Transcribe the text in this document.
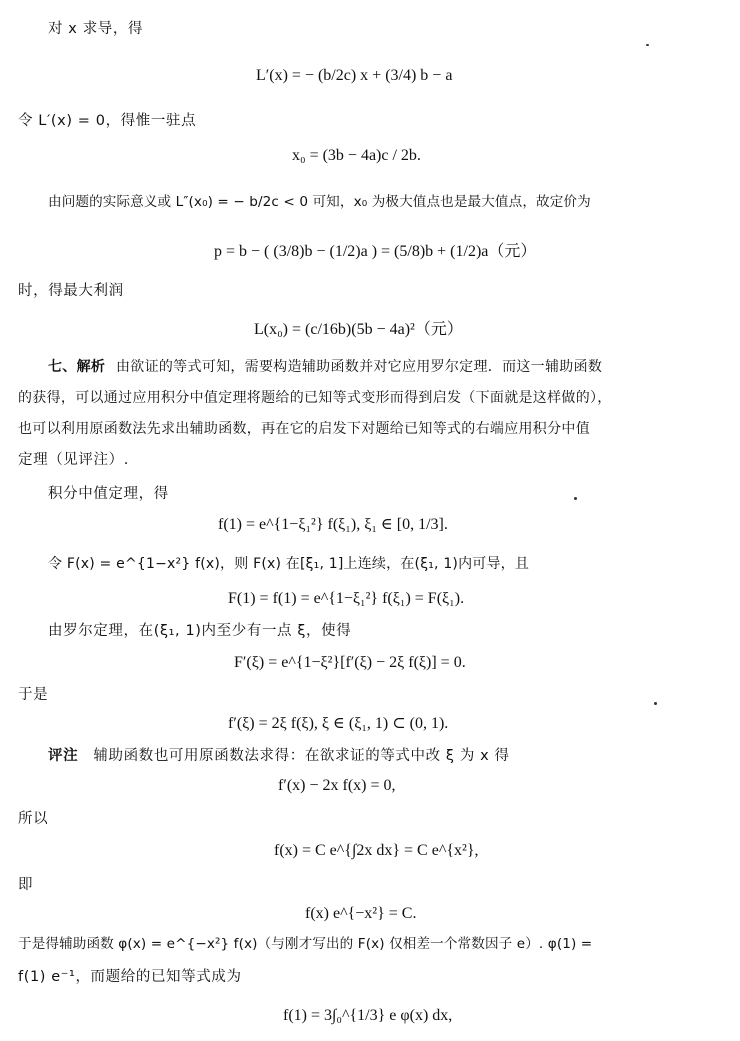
对 x 求导，得
L′(x) = − (b/2c) x + (3/4) b − a
令 L′(x) = 0，得惟一驻点
x₀ = (3b − 4a)c / 2b.
由问题的实际意义或 L″(x₀) = − b/2c < 0 可知，x₀ 为极大值点也是最大值点，故定价为
p = b − ( (3/8)b − (1/2)a ) = (5/8)b + (1/2)a（元）
时，得最大利润
L(x₀) = (c/16b)(5b − 4a)²（元）
七、解析 由欲证的等式可知，需要构造辅助函数并对它应用罗尔定理．而这一辅助函数
的获得，可以通过应用积分中值定理将题给的已知等式变形而得到启发（下面就是这样做的），
也可以利用原函数法先求出辅助函数，再在它的启发下对题给已知等式的右端应用积分中值
定理（见评注）.
积分中值定理，得
f(1) = e^{1−ξ₁²} f(ξ₁), ξ₁ ∈ [0, 1/3].
令 F(x) = e^{1−x²} f(x)，则 F(x) 在[ξ₁, 1]上连续，在(ξ₁, 1)内可导，且
F(1) = f(1) = e^{1−ξ₁²} f(ξ₁) = F(ξ₁).
由罗尔定理，在(ξ₁, 1)内至少有一点 ξ，使得
F′(ξ) = e^{1−ξ²}[f′(ξ) − 2ξ f(ξ)] = 0.
于是
f′(ξ) = 2ξ f(ξ), ξ ∈ (ξ₁, 1) ⊂ (0, 1).
评注 辅助函数也可用原函数法求得：在欲求证的等式中改 ξ 为 x 得
f′(x) − 2x f(x) = 0,
所以
f(x) = C e^{∫2x dx} = C e^{x²},
即
f(x) e^{−x²} = C.
于是得辅助函数 φ(x) = e^{−x²} f(x)（与刚才写出的 F(x) 仅相差一个常数因子 e）. φ(1) =
f(1) e⁻¹，而题给的已知等式成为
f(1) = 3∫₀^{1/3} e φ(x) dx,
